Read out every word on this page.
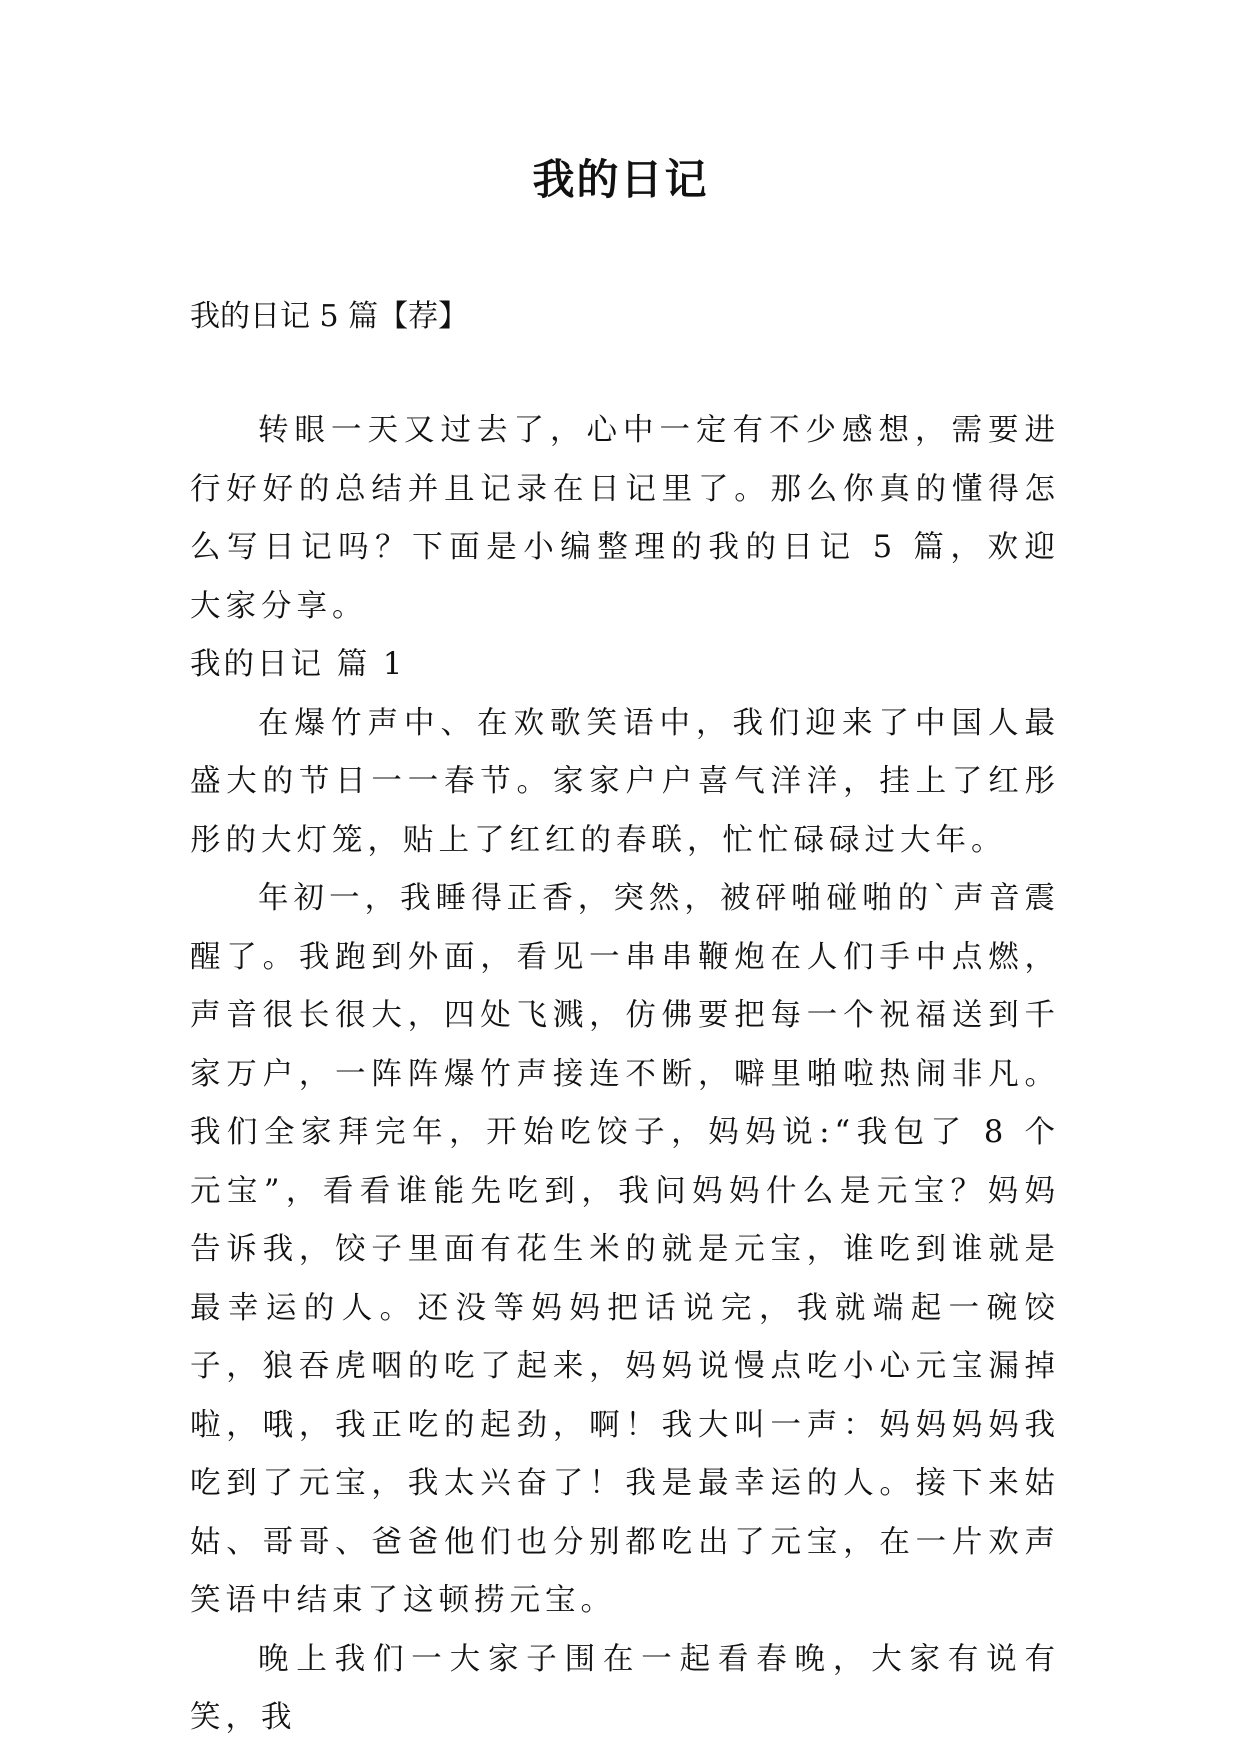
我的日记
我的日记 5 篇【荐】

转眼一天又过去了，心中一定有不少感想，需要进行好好的总结并且记录在日记里了。那么你真的懂得怎么写日记吗？下面是小编整理的我的日记 5 篇，欢迎大家分享。

我的日记 篇 1

在爆竹声中、在欢歌笑语中，我们迎来了中国人最盛大的节日一一春节。家家户户喜气洋洋，挂上了红彤彤的大灯笼，贴上了红红的春联，忙忙碌碌过大年。

年初一，我睡得正香，突然，被砰啪碰啪的`声音震醒了。我跑到外面，看见一串串鞭炮在人们手中点燃，声音很长很大，四处飞溅，仿佛要把每一个祝福送到千家万户，一阵阵爆竹声接连不断，噼里啪啦热闹非凡。我们全家拜完年，开始吃饺子，妈妈说:“我包了 8 个元宝”，看看谁能先吃到，我问妈妈什么是元宝？妈妈告诉我，饺子里面有花生米的就是元宝，谁吃到谁就是最幸运的人。还没等妈妈把话说完，我就端起一碗饺子，狼吞虎咽的吃了起来，妈妈说慢点吃小心元宝漏掉啦，哦，我正吃的起劲，啊！我大叫一声：妈妈妈妈我吃到了元宝，我太兴奋了！我是最幸运的人。接下来姑姑、哥哥、爸爸他们也分别都吃出了元宝，在一片欢声笑语中结束了这顿捞元宝。

晚上我们一大家子围在一起看春晚，大家有说有笑，我
